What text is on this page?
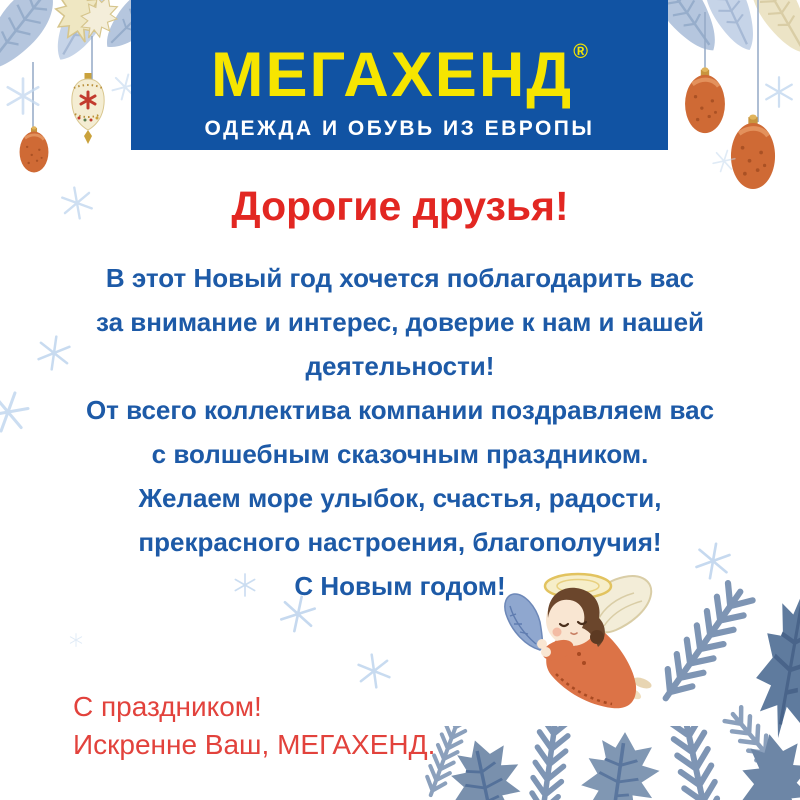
МЕГАХЕНД®
ОДЕЖДА И ОБУВЬ ИЗ ЕВРОПЫ
Дорогие друзья!
В этот Новый год хочется поблагодарить вас
за внимание и интерес, доверие к нам и нашей
деятельности!
От всего коллектива компании поздравляем вас
с волшебным сказочным праздником.
Желаем море улыбок, счастья, радости,
прекрасного настроения, благополучия!
С Новым годом!
С праздником!
Искренне Ваш, МЕГАХЕНД.
